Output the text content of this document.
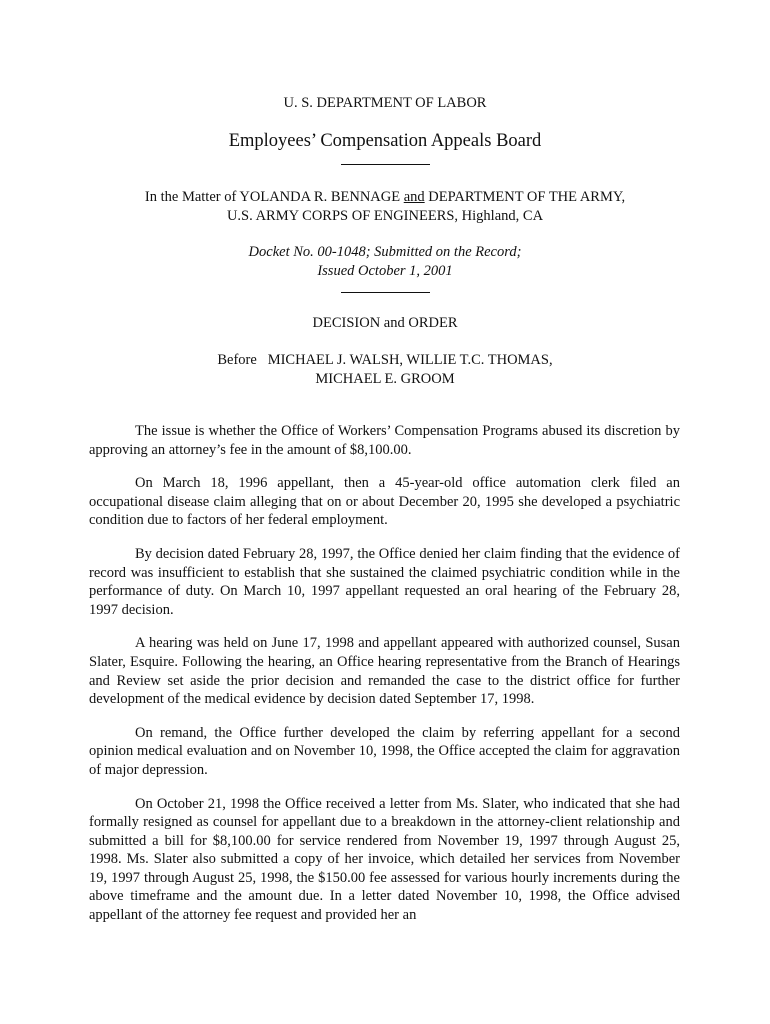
U. S. DEPARTMENT OF LABOR
Employees’ Compensation Appeals Board
In the Matter of YOLANDA R. BENNAGE and DEPARTMENT OF THE ARMY,
U.S. ARMY CORPS OF ENGINEERS, Highland, CA
Docket No. 00-1048; Submitted on the Record;
Issued October 1, 2001
DECISION and ORDER
Before   MICHAEL J. WALSH, WILLIE T.C. THOMAS,
MICHAEL E. GROOM

The issue is whether the Office of Workers’ Compensation Programs abused its discretion by approving an attorney’s fee in the amount of $8,100.00.

On March 18, 1996 appellant, then a 45-year-old office automation clerk filed an occupational disease claim alleging that on or about December 20, 1995 she developed a psychiatric condition due to factors of her federal employment.

By decision dated February 28, 1997, the Office denied her claim finding that the evidence of record was insufficient to establish that she sustained the claimed psychiatric condition while in the performance of duty. On March 10, 1997 appellant requested an oral hearing of the February 28, 1997 decision.

A hearing was held on June 17, 1998 and appellant appeared with authorized counsel, Susan Slater, Esquire. Following the hearing, an Office hearing representative from the Branch of Hearings and Review set aside the prior decision and remanded the case to the district office for further development of the medical evidence by decision dated September 17, 1998.

On remand, the Office further developed the claim by referring appellant for a second opinion medical evaluation and on November 10, 1998, the Office accepted the claim for aggravation of major depression.

On October 21, 1998 the Office received a letter from Ms. Slater, who indicated that she had formally resigned as counsel for appellant due to a breakdown in the attorney-client relationship and submitted a bill for $8,100.00 for service rendered from November 19, 1997 through August 25, 1998. Ms. Slater also submitted a copy of her invoice, which detailed her services from November 19, 1997 through August 25, 1998, the $150.00 fee assessed for various hourly increments during the above timeframe and the amount due. In a letter dated November 10, 1998, the Office advised appellant of the attorney fee request and provided her an
